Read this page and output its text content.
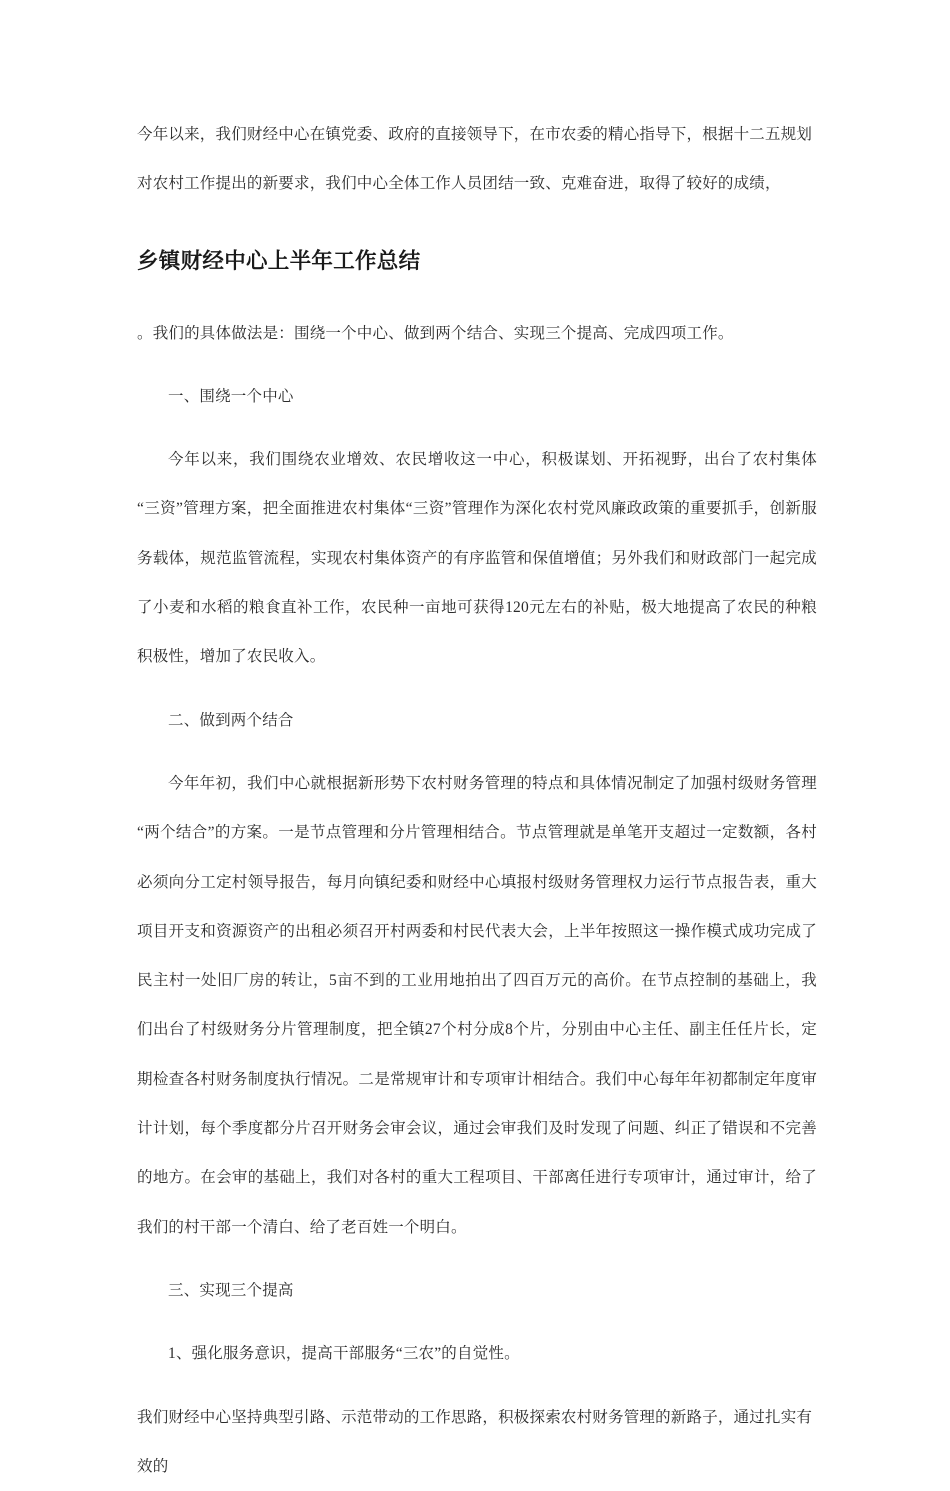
今年以来，我们财经中心在镇党委、政府的直接领导下，在市农委的精心指导下，根据十二五规划对农村工作提出的新要求，我们中心全体工作人员团结一致、克难奋进，取得了较好的成绩，

乡镇财经中心上半年工作总结

。我们的具体做法是：围绕一个中心、做到两个结合、实现三个提高、完成四项工作。

一、围绕一个中心

今年以来，我们围绕农业增效、农民增收这一中心，积极谋划、开拓视野，出台了农村集体“三资”管理方案，把全面推进农村集体“三资”管理作为深化农村党风廉政政策的重要抓手，创新服务载体，规范监管流程，实现农村集体资产的有序监管和保值增值；另外我们和财政部门一起完成了小麦和水稻的粮食直补工作，农民种一亩地可获得120元左右的补贴，极大地提高了农民的种粮积极性，增加了农民收入。

二、做到两个结合

今年年初，我们中心就根据新形势下农村财务管理的特点和具体情况制定了加强村级财务管理“两个结合”的方案。一是节点管理和分片管理相结合。节点管理就是单笔开支超过一定数额，各村必须向分工定村领导报告，每月向镇纪委和财经中心填报村级财务管理权力运行节点报告表，重大项目开支和资源资产的出租必须召开村两委和村民代表大会，上半年按照这一操作模式成功完成了民主村一处旧厂房的转让，5亩不到的工业用地拍出了四百万元的高价。在节点控制的基础上，我们出台了村级财务分片管理制度，把全镇27个村分成8个片，分别由中心主任、副主任任片长，定期检查各村财务制度执行情况。二是常规审计和专项审计相结合。我们中心每年年初都制定年度审计计划，每个季度都分片召开财务会审会议，通过会审我们及时发现了问题、纠正了错误和不完善的地方。在会审的基础上，我们对各村的重大工程项目、干部离任进行专项审计，通过审计，给了我们的村干部一个清白、给了老百姓一个明白。

三、实现三个提高

1、强化服务意识，提高干部服务“三农”的自觉性。

我们财经中心坚持典型引路、示范带动的工作思路，积极探索农村财务管理的新路子，通过扎实有效的
